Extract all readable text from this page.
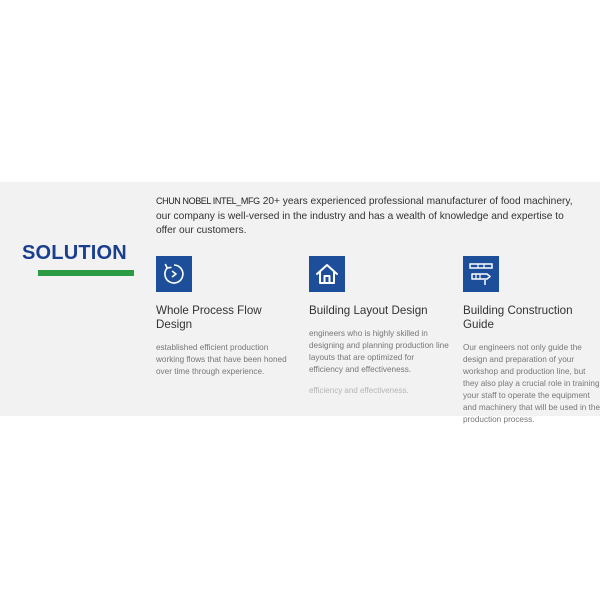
CHUN NOBEL INTEL_MFG 20+ years experienced professional manufacturer of food machinery, our company is well-versed in the industry and has a wealth of knowledge and expertise to offer our customers.
SOLUTION
Whole Process Flow Design
established efficient production working flows that have been honed over time through experience.
Building Layout Design
engineers who is highly skilled in designing and planning production line layouts that are optimized for efficiency and effectiveness.
Building Construction Guide
Our engineers not only guide the design and preparation of your workshop and production line, but they also play a crucial role in training your staff to operate the equipment and machinery that will be used in the production process.
efficiency and effectiveness.
